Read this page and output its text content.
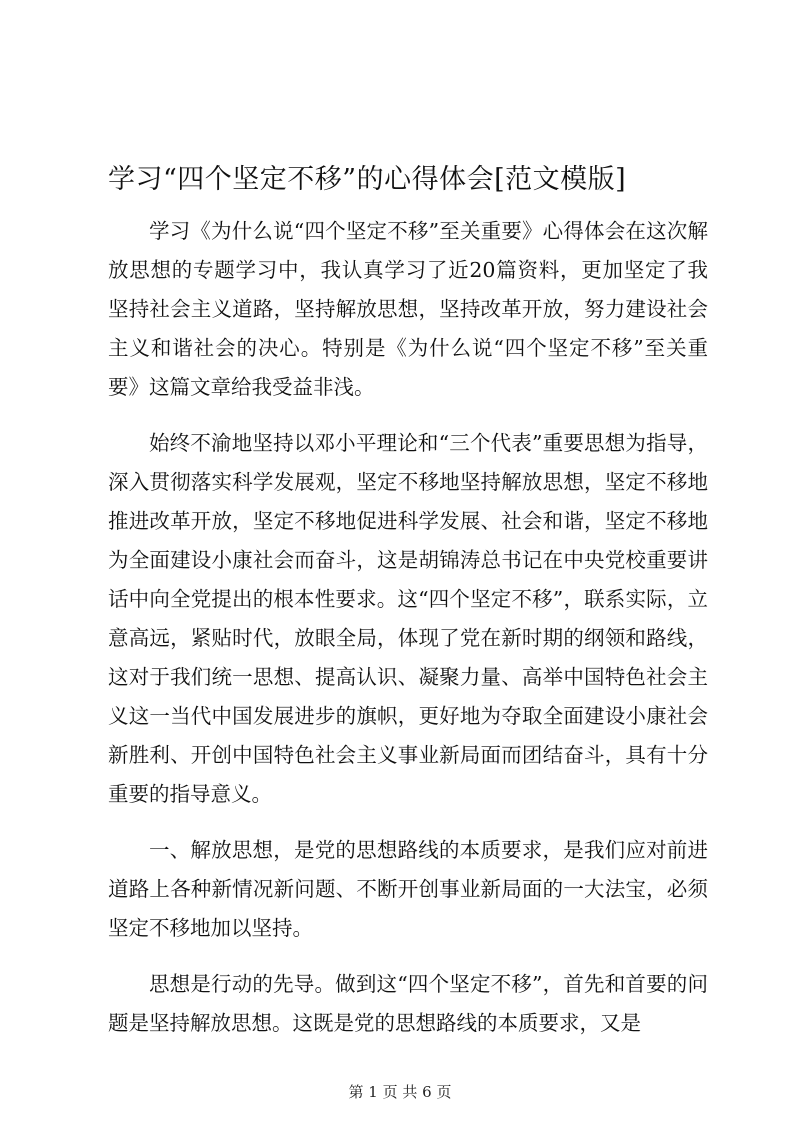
学习“四个坚定不移”的心得体会[范文模版]

学习《为什么说“四个坚定不移”至关重要》心得体会在这次解放思想的专题学习中，我认真学习了近20篇资料，更加坚定了我坚持社会主义道路，坚持解放思想，坚持改革开放，努力建设社会主义和谐社会的决心。特别是《为什么说“四个坚定不移”至关重要》这篇文章给我受益非浅。

始终不渝地坚持以邓小平理论和“三个代表”重要思想为指导，深入贯彻落实科学发展观，坚定不移地坚持解放思想，坚定不移地推进改革开放，坚定不移地促进科学发展、社会和谐，坚定不移地为全面建设小康社会而奋斗，这是胡锦涛总书记在中央党校重要讲话中向全党提出的根本性要求。这“四个坚定不移”，联系实际，立意高远，紧贴时代，放眼全局，体现了党在新时期的纲领和路线，这对于我们统一思想、提高认识、凝聚力量、高举中国特色社会主义这一当代中国发展进步的旗帜，更好地为夺取全面建设小康社会新胜利、开创中国特色社会主义事业新局面而团结奋斗，具有十分重要的指导意义。

一、解放思想，是党的思想路线的本质要求，是我们应对前进道路上各种新情况新问题、不断开创事业新局面的一大法宝，必须坚定不移地加以坚持。

思想是行动的先导。做到这“四个坚定不移”，首先和首要的问题是坚持解放思想。这既是党的思想路线的本质要求，又是

第 1 页 共 6 页
